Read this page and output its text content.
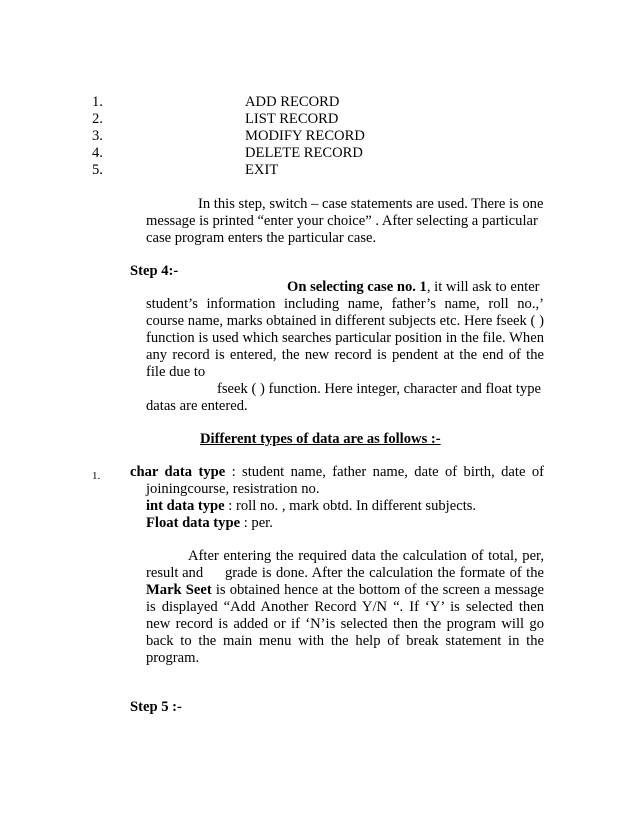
1.	ADD RECORD
2.	LIST RECORD
3.	MODIFY RECORD
4.	DELETE RECORD
5.	EXIT
In this step, switch – case statements are used. There is one
message is printed “enter your choice” . After selecting a particular
case program enters the particular case.
Step 4:-
On selecting case no. 1, it will ask to enter
student’s information including name, father’s name, roll no.,’
course name, marks obtained in different subjects etc. Here fseek ( )
function is used which searches particular position in the file. When
any record is entered, the new record is pendent at the end of the
file due to
fseek ( ) function. Here integer, character and float type
datas are entered.
Different types of data are as follows :-
1. char data type : student name, father name, date of birth, date of
joiningcourse, resistration no.
int data type : roll no. , mark obtd. In different subjects.
Float data type : per.
After entering the required data the calculation of total, per,
result and grade is done. After the calculation the formate of the
Mark Seet is obtained hence at the bottom of the screen a message
is displayed “Add Another Record Y/N “. If ‘Y’ is selected then
new record is added or if ‘N’is selected then the program will go
back to the main menu with the help of break statement in the
program.
Step 5 :-
